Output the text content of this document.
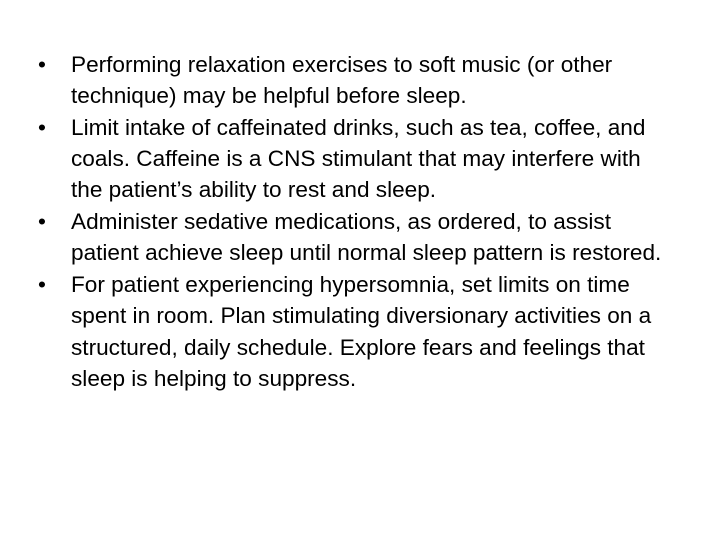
• Performing relaxation exercises to soft music (or other technique) may be helpful before sleep.
• Limit intake of caffeinated drinks, such as tea, coffee, and coals. Caffeine is a CNS stimulant that may interfere with the patient’s ability to rest and sleep.
• Administer sedative medications, as ordered, to assist patient achieve sleep until normal sleep pattern is restored.
• For patient experiencing hypersomnia, set limits on time spent in room. Plan stimulating diversionary activities on a structured, daily schedule. Explore fears and feelings that sleep is helping to suppress.
